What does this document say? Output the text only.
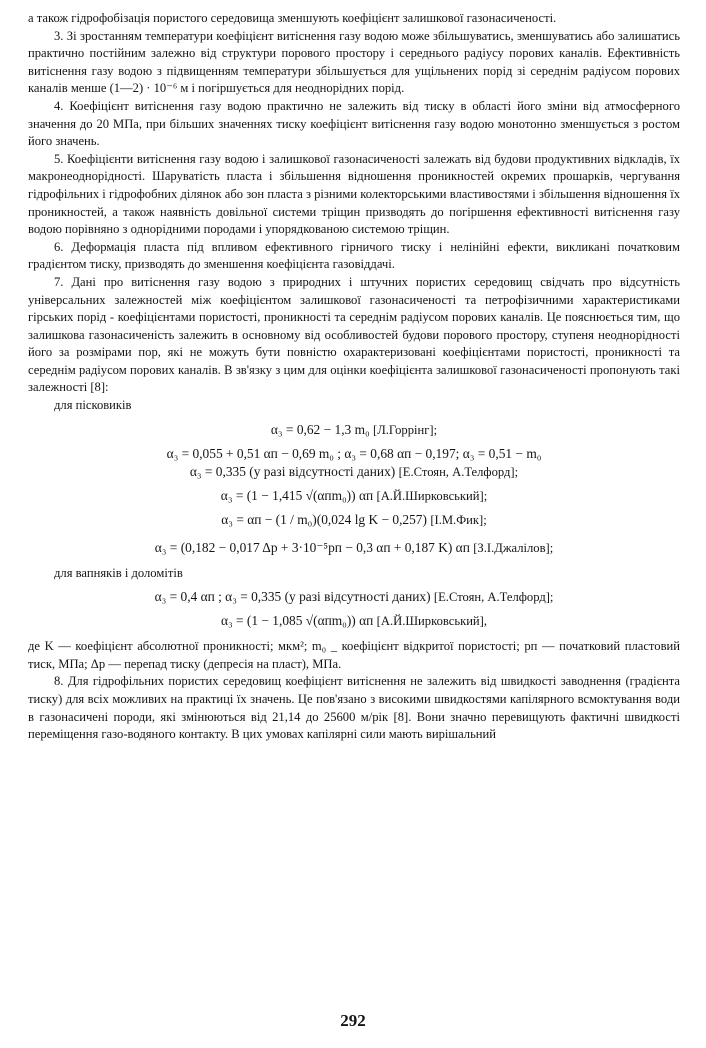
а також гідрофобізація пористого середовища зменшують коефіцієнт залишкової газонасиченості.

3. Зі зростанням температури коефіцієнт витіснення газу водою може збільшуватись, зменшуватись або залишатись практично постійним залежно від структури порового простору і середнього радіусу порових каналів. Ефективність витіснення газу водою з підвищенням температури збільшується для ущільнених порід зі середнім радіусом порових каналів менше (1—2) · 10⁻⁶ м і погіршується для неоднорідних порід.

4. Коефіцієнт витіснення газу водою практично не залежить від тиску в області його зміни від атмосферного значення до 20 МПа, при більших значеннях тиску коефіцієнт витіснення газу водою монотонно зменшується з ростом його значень.

5. Коефіцієнти витіснення газу водою і залишкової газонасиченості залежать від будови продуктивних відкладів, їх макронеоднорідності. Шаруватість пласта і збільшення відношення проникностей окремих прошарків, чергування гідрофільних і гідрофобних ділянок або зон пласта з різними колекторськими властивостями і збільшення відношення їх проникностей, а також наявність довільної системи тріщин призводять до погіршення ефективності витіснення газу водою порівняно з однорідними породами і упорядкованою системою тріщин.

6. Деформація пласта під впливом ефективного гірничого тиску і нелінійні ефекти, викликані початковим градієнтом тиску, призводять до зменшення коефіцієнта газовіддачі.

7. Дані про витіснення газу водою з природних і штучних пористих середовищ свідчать про відсутність універсальних залежностей між коефіцієнтом залишкової газонасиченості та петрофізичними характеристиками гірських порід - коефіцієнтами пористості, проникності та середнім радіусом порових каналів. Це пояснюється тим, що залишкова газонасиченість залежить в основному від особливостей будови порового простору, ступеня неоднорідності його за розмірами пор, які не можуть бути повністю охарактеризовані коефіцієнтами пористості, проникності та середнім радіусом порових каналів. В зв'язку з цим для оцінки коефіцієнта залишкової газонасиченості пропонують такі залежності [8]:

для пісковиків

α₃ = 0,62 − 1,3 m₀ [Л.Горрінг];

α₃ = 0,055 + 0,51 αп − 0,69 m₀ ; α₃ = 0,68 αп − 0,197; α₃ = 0,51 − m₀

α₃ = 0,335 (у разі відсутності даних) [Е.Стоян, А.Телфорд];

α₃ = (1 − 1,415 √(αпm₀)) αп [А.Й.Ширковський];

α₃ = αп − (1 / m₀)(0,024 lg K − 0,257) [І.М.Фик];

α₃ = (0,182 − 0,017 Δp + 3·10⁻⁵pп − 0,3 αп + 0,187 K) αп [З.І.Джалілов];

для вапняків і доломітів

α₃ = 0,4 αп ; α₃ = 0,335 (у разі відсутності даних) [Е.Стоян, А.Телфорд];

α₃ = (1 − 1,085 √(αпm₀)) αп [А.Й.Ширковський],

де K — коефіцієнт абсолютної проникності; мкм²; m₀ _ коефіцієнт відкритої пористості; pп — початковий пластовий тиск, МПа; Δp — перепад тиску (депресія на пласт), МПа.

8. Для гідрофільних пористих середовищ коефіцієнт витіснення не залежить від швидкості заводнення (градієнта тиску) для всіх можливих на практиці їх значень. Це пов'язано з високими швидкостями капілярного всмоктування води в газонасичені породи, які змінюються від 21,14 до 25600 м/рік [8]. Вони значно перевищують фактичні швидкості переміщення газо-водяного контакту. В цих умовах капілярні сили мають вирішальний

292
